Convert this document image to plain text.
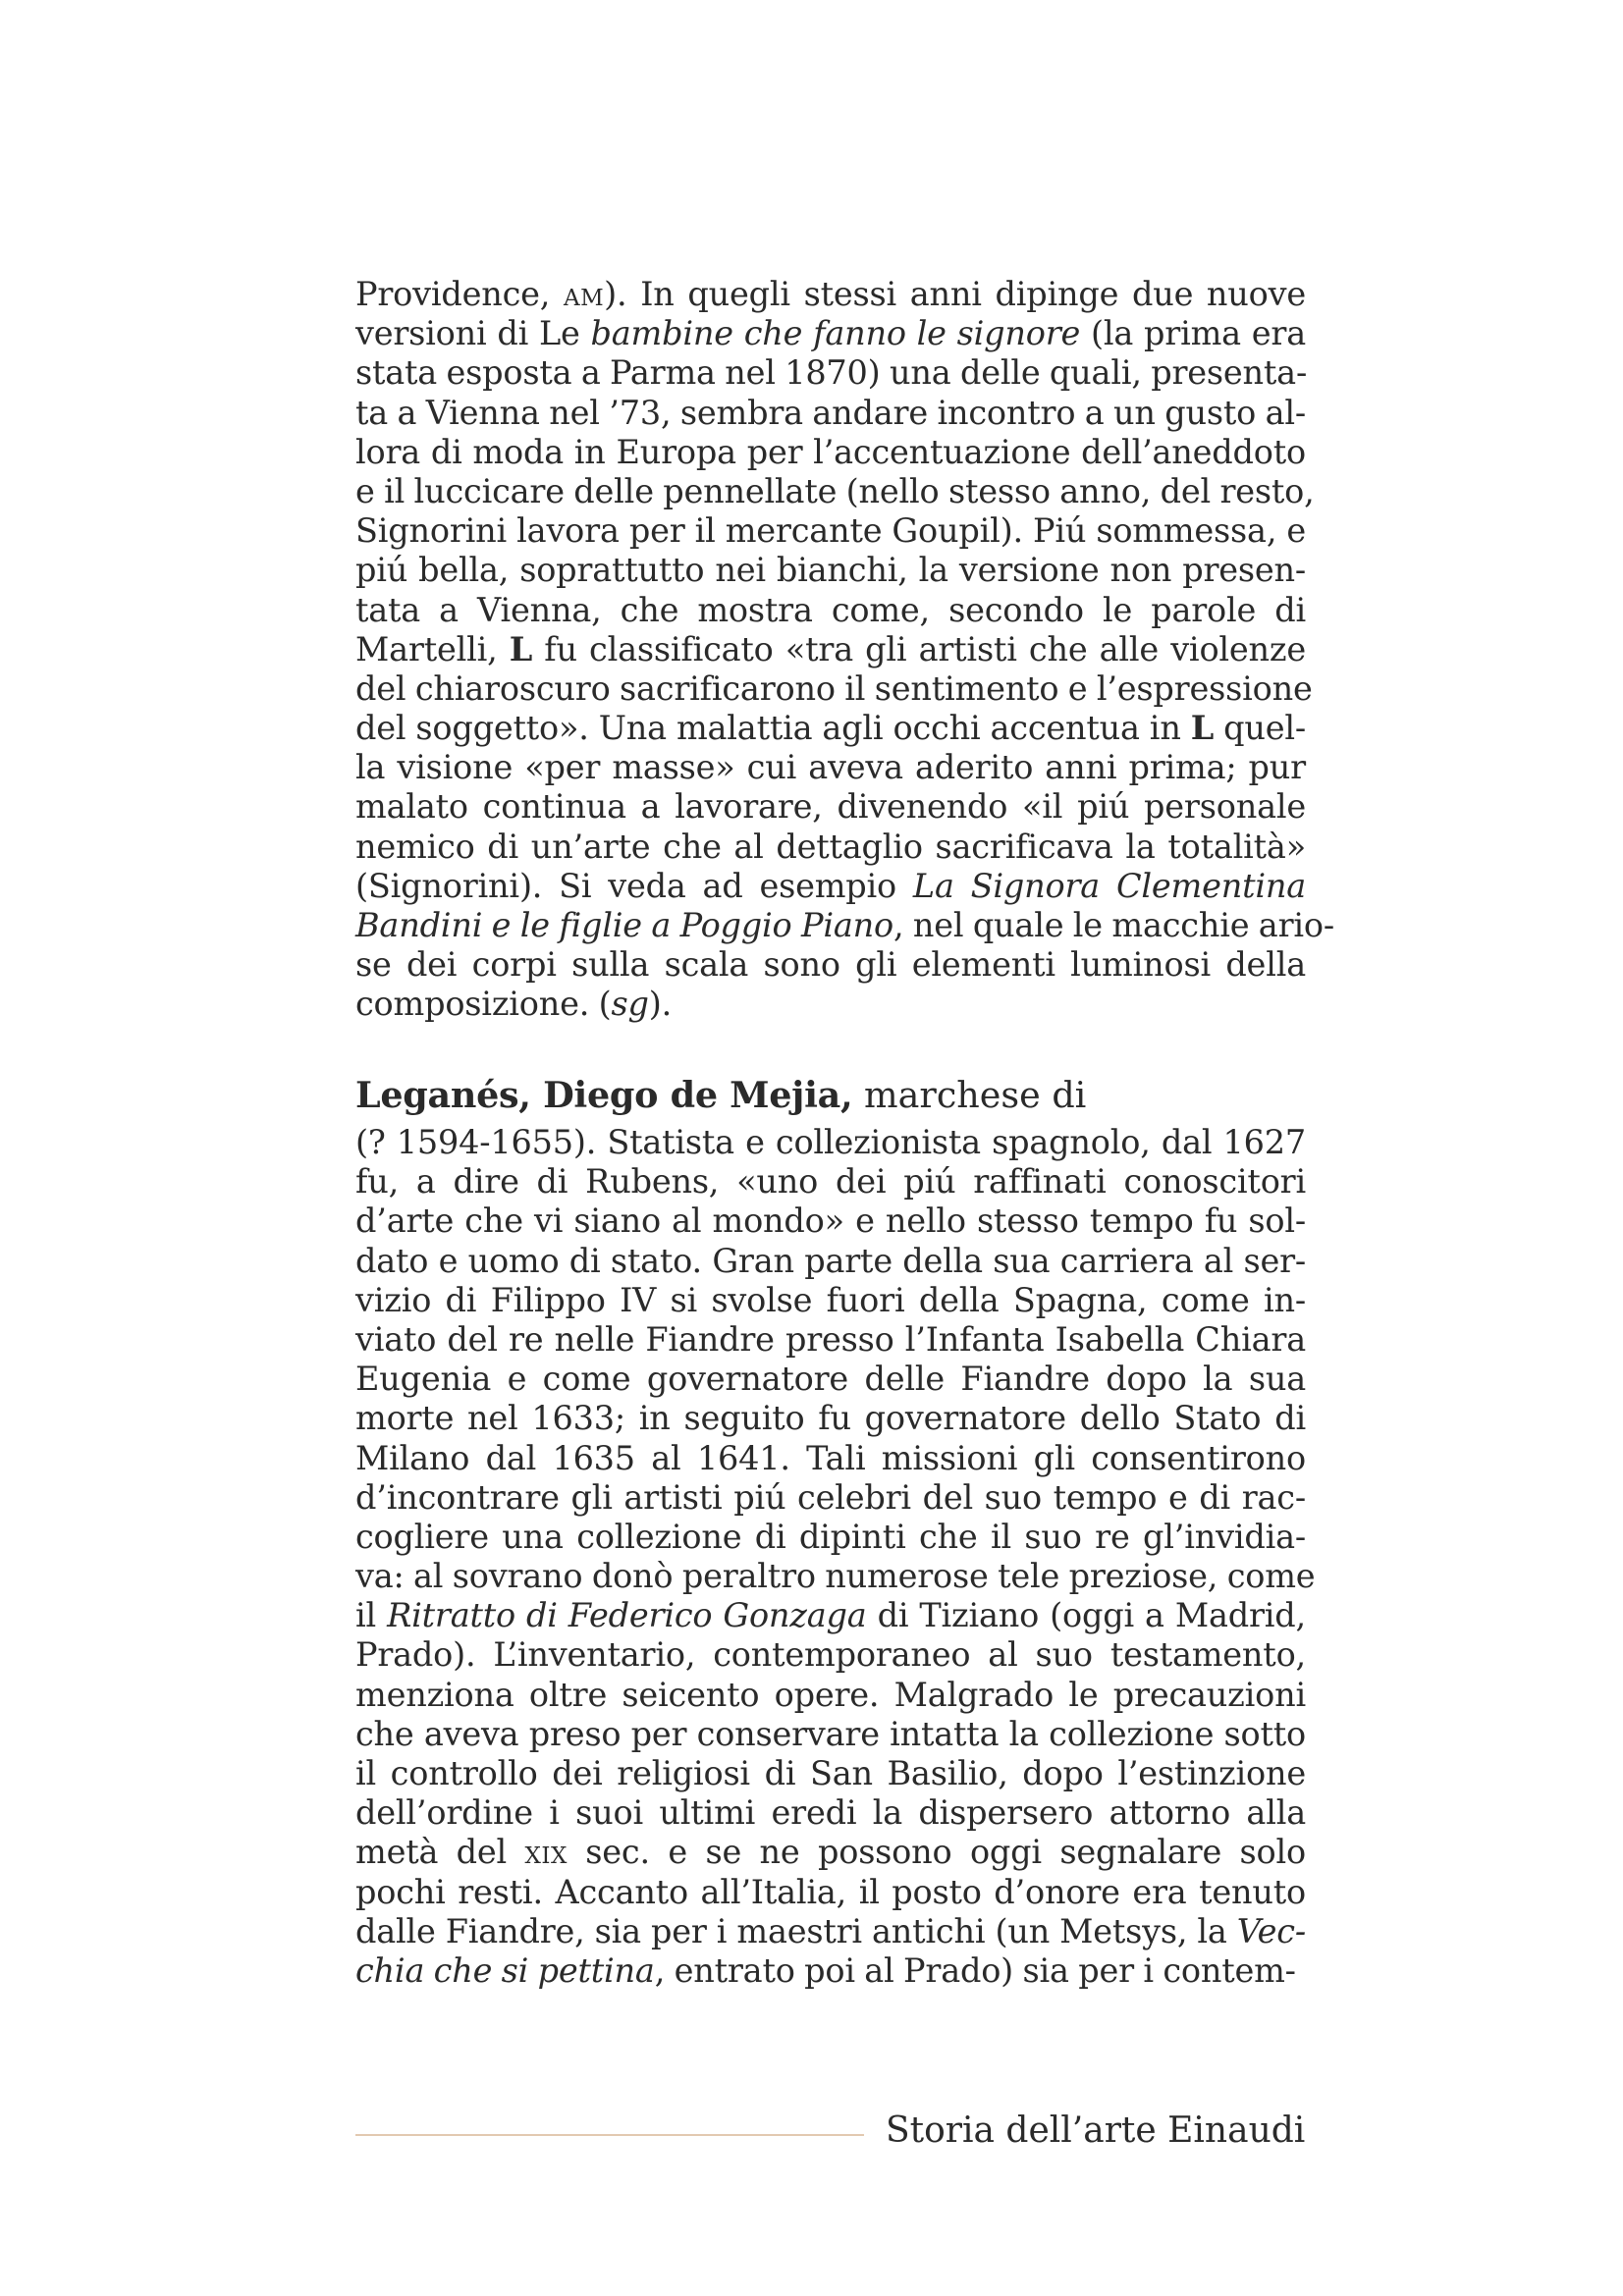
Providence, am). In quegli stessi anni dipinge due nuove
versioni di Le bambine che fanno le signore (la prima era
stata esposta a Parma nel 1870) una delle quali, presenta-
ta a Vienna nel ’73, sembra andare incontro a un gusto al-
lora di moda in Europa per l’accentuazione dell’aneddoto
e il luccicare delle pennellate (nello stesso anno, del resto,
Signorini lavora per il mercante Goupil). Piú sommessa, e
piú bella, soprattutto nei bianchi, la versione non presen-
tata a Vienna, che mostra come, secondo le parole di
Martelli, L fu classificato «tra gli artisti che alle violenze
del chiaroscuro sacrificarono il sentimento e l’espressione
del soggetto». Una malattia agli occhi accentua in L quel-
la visione «per masse» cui aveva aderito anni prima; pur
malato continua a lavorare, divenendo «il piú personale
nemico di un’arte che al dettaglio sacrificava la totalità»
(Signorini). Si veda ad esempio La Signora Clementina
Bandini e le figlie a Poggio Piano, nel quale le macchie ario-
se dei corpi sulla scala sono gli elementi luminosi della
composizione. (sg).
Leganés, Diego de Mejia, marchese di
(? 1594-1655). Statista e collezionista spagnolo, dal 1627
fu, a dire di Rubens, «uno dei piú raffinati conoscitori
d’arte che vi siano al mondo» e nello stesso tempo fu sol-
dato e uomo di stato. Gran parte della sua carriera al ser-
vizio di Filippo IV si svolse fuori della Spagna, come in-
viato del re nelle Fiandre presso l’Infanta Isabella Chiara
Eugenia e come governatore delle Fiandre dopo la sua
morte nel 1633; in seguito fu governatore dello Stato di
Milano dal 1635 al 1641. Tali missioni gli consentirono
d’incontrare gli artisti piú celebri del suo tempo e di rac-
cogliere una collezione di dipinti che il suo re gl’invidia-
va: al sovrano donò peraltro numerose tele preziose, come
il Ritratto di Federico Gonzaga di Tiziano (oggi a Madrid,
Prado). L’inventario, contemporaneo al suo testamento,
menziona oltre seicento opere. Malgrado le precauzioni
che aveva preso per conservare intatta la collezione sotto
il controllo dei religiosi di San Basilio, dopo l’estinzione
dell’ordine i suoi ultimi eredi la dispersero attorno alla
metà del xix sec. e se ne possono oggi segnalare solo
pochi resti. Accanto all’Italia, il posto d’onore era tenuto
dalle Fiandre, sia per i maestri antichi (un Metsys, la Vec-
chia che si pettina, entrato poi al Prado) sia per i contem-
Storia dell’arte Einaudi
